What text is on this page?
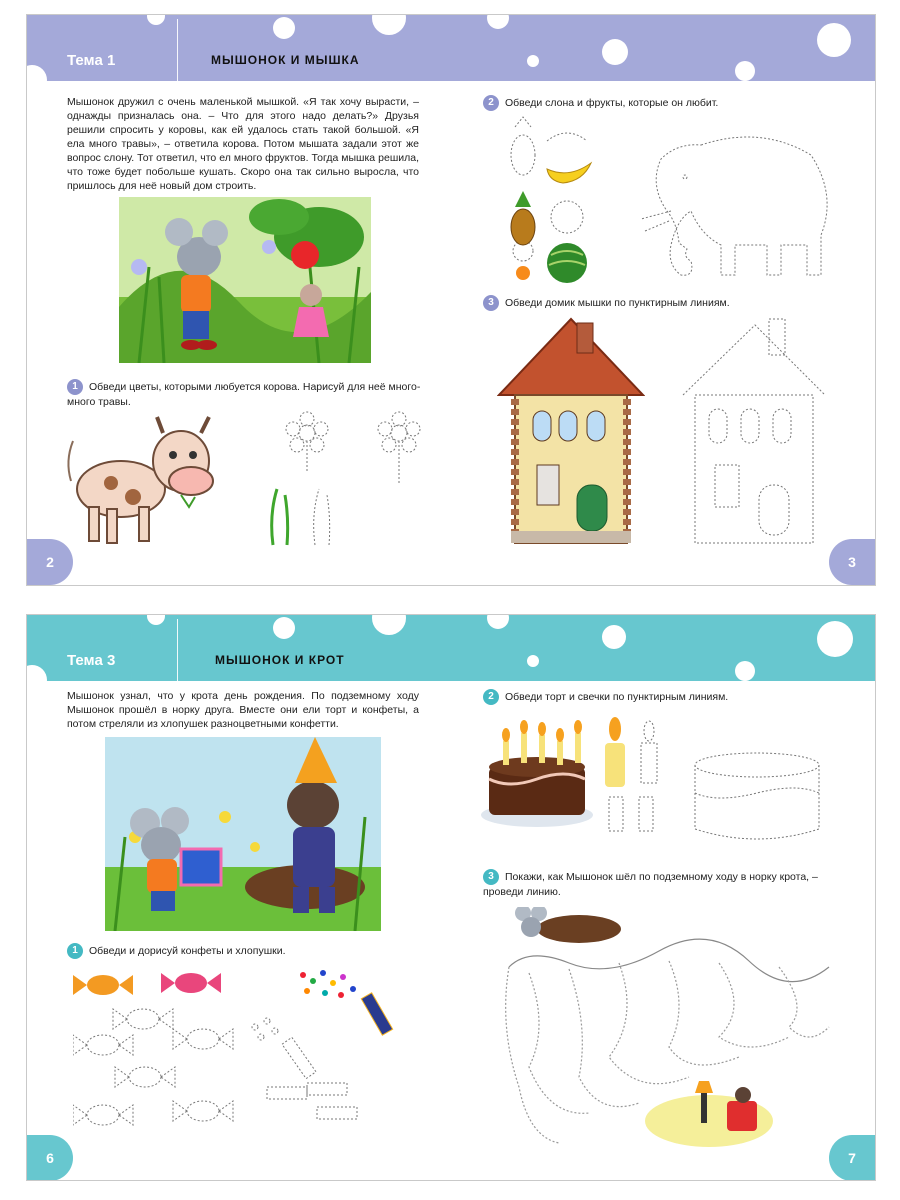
Тема 1	МЫШОНОК И МЫШКА
Мышонок дружил с очень маленькой мышкой. «Я так хочу вырасти, – однажды призналась она. – Что для этого надо делать?» Друзья решили спросить у коровы, как ей удалось стать такой большой. «Я ела много травы», – ответила корова. Потом мышата задали этот же вопрос слону. Тот ответил, что ел много фруктов. Тогда мышка решила, что тоже будет побольше кушать. Скоро она так сильно выросла, что пришлось для неё новый дом строить.
1 Обведи цветы, которыми любуется корова. Нарисуй для неё много-много травы.
2 Обведи слона и фрукты, которые он любит.
3 Обведи домик мышки по пунктирным линиям.
2	3
Тема 3	МЫШОНОК И КРОТ
Мышонок узнал, что у крота день рождения. По подземному ходу Мышонок прошёл в норку друга. Вместе они ели торт и конфеты, а потом стреляли из хлопушек разноцветными конфетти.
1 Обведи и дорисуй конфеты и хлопушки.
2 Обведи торт и свечки по пунктирным линиям.
3 Покажи, как Мышонок шёл по подземному ходу в норку крота, – проведи линию.
6	7
